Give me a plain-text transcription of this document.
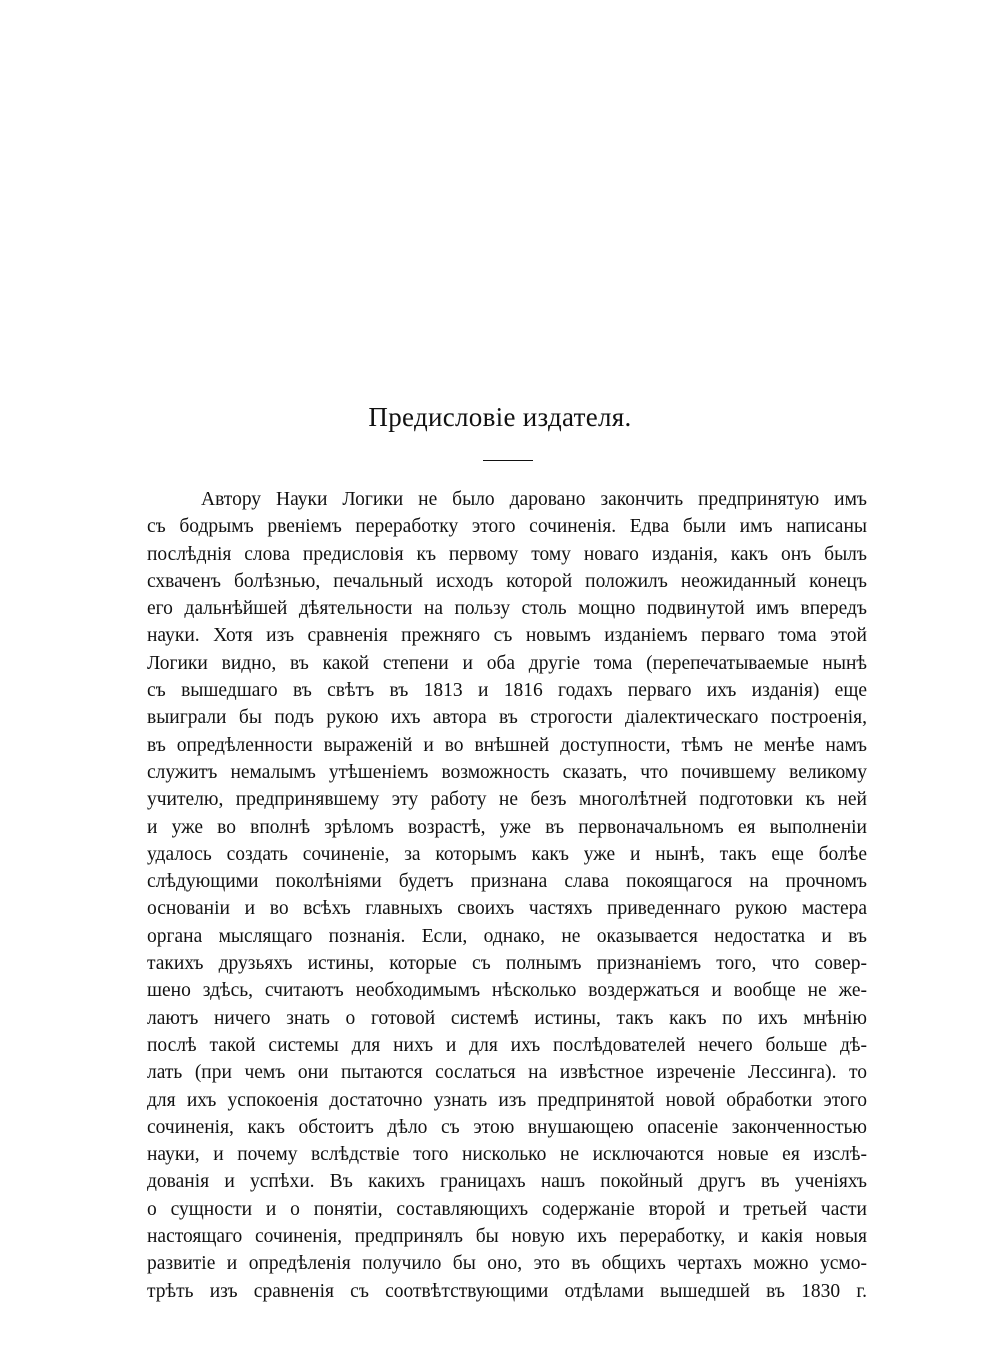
Предисловіе издателя.
Автору Науки Логики не было даровано закончить предпринятую имъ
съ бодрымъ рвеніемъ переработку этого сочиненія. Едва были имъ написаны
послѣднія слова предисловія къ первому тому новаго изданія, какъ онъ былъ
схваченъ болѣзнью, печальный исходъ которой положилъ неожиданный конецъ
его дальнѣйшей дѣятельности на пользу столь мощно подвинутой имъ впередъ
науки. Хотя изъ сравненія прежняго съ новымъ изданіемъ перваго тома этой
Логики видно, въ какой степени и оба другіе тома (перепечатываемые нынѣ
съ вышедшаго въ свѣтъ въ 1813 и 1816 годахъ перваго ихъ изданія) еще
выиграли бы подъ рукою ихъ автора въ строгости діалектическаго построенія,
въ опредѣленности выраженій и во внѣшней доступности, тѣмъ не менѣе намъ
служитъ немалымъ утѣшеніемъ возможность сказать, что почившему великому
учителю, предпринявшему эту работу не безъ многолѣтней подготовки къ ней
и уже во вполнѣ зрѣломъ возрастѣ, уже въ первоначальномъ ея выполненіи
удалось создать сочиненіе, за которымъ какъ уже и нынѣ, такъ еще болѣе
слѣдующими поколѣніями будетъ признана слава покоящагося на прочномъ
основаніи и во всѣхъ главныхъ своихъ частяхъ приведеннаго рукою мастера
органа мыслящаго познанія. Если, однако, не оказывается недостатка и въ
такихъ друзьяхъ истины, которые съ полнымъ признаніемъ того, что совер-
шено здѣсь, считаютъ необходимымъ нѣсколько воздержаться и вообще не же-
лаютъ ничего знать о готовой системѣ истины, такъ какъ по ихъ мнѣнію
послѣ такой системы для нихъ и для ихъ послѣдователей нечего больше дѣ-
лать (при чемъ они пытаются сослаться на извѣстное изреченіе Лессинга). то
для ихъ успокоенія достаточно узнать изъ предпринятой новой обработки этого
сочиненія, какъ обстоитъ дѣло съ этою внушающею опасеніе законченностью
науки, и почему вслѣдствіе того нисколько не исключаются новые ея изслѣ-
дованія и успѣхи. Въ какихъ границахъ нашъ покойный другъ въ ученіяхъ
о сущности и о понятіи, составляющихъ содержаніе второй и третьей части
настоящаго сочиненія, предпринялъ бы новую ихъ переработку, и какія новыя
развитіе и опредѣленія получило бы оно, это въ общихъ чертахъ можно усмо-
трѣть изъ сравненія съ соотвѣтствующими отдѣлами вышедшей въ 1830 г.
